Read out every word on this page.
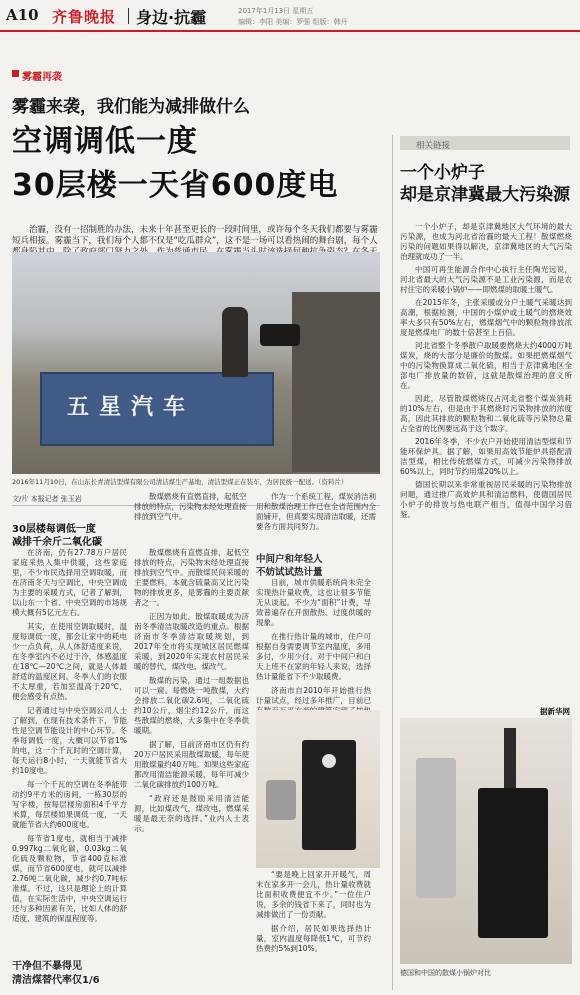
A10 齐鲁晚报 身边·抗霾	2017年1月13日 星期五
编辑：李阳 美编：罗强 组版：韩丹
雾霾再袭
雾霾来袭，我们能为减排做什么
空调调低一度
30层楼一天省600度电
治霾，没有一招制胜的办法，未来十年甚至更长的一段时间里，或许每个冬天我们都要与雾霾短兵相接。雾霾当下，我们每个人都不仅是“吃瓜群众”，这不是一场可以看热闹的舞台剧，每个人
五星汽车
2016年11月10日，在山东长青清洁型煤有限公司清洁煤生产基地，清洁型煤正在装车，为居民统一配送。（资料片）
文/片 本报记者 张玉岩
30层楼每调低一度
减排千余斤二氧化碳

在济南，仍有27.78万户居民家庭采热入集中供暖，这些家庭里，不少市民选择用空调取暖，而在济南冬天与空调比，中央空调成为主要的采暖方式，记者了解到，以山东一个省、中央空调的市场规模大概有5亿元左右。

其实，在使用空调取暖时，温度每调低一度，都会让家中的耗电少一点负荷，从人体舒适度来说，在冬季室内不必过于冷，体感温度在18℃—20℃之间，就是人体最舒适的温度区间。冬季人们的衣服不太厚重，若加室温高于20℃，便会感受有点热。

记者通过与中央空调公司人士了解到，在现有技术条件下，节能性是空调节能设计的中心环节。冬季每调低一度，大概可以节省1%的电，这一个千瓦时的空调计算，每天运行8小时，一天就能节省大约10度电。

每一个千瓦的空调在冬季能带动约9平方米的房间，一栋30层的写字楼，按每层楼房面积4千平方米算，每层楼如果调低一度，一天就能节省大约600度电。

每节省1度电，就相当于减排0.997kg二氧化碳，0.03kg二氧化硫及颗粒物，节省400克标准煤，而节省600度电，就可以减排2.76吨二氧化碳，减少约0.7吨标准煤。不过，这只是理论上的计算值，在实际生活中，中央空调运行还与多种因素有关，比如人体的舒适度、建筑的保温程度等。

散煤燃烧有直燃直排，起低空排放的特点，污染物未经处理直接排放到空气中。

散煤燃烧有直燃直排，起低空排放的特点，污染物未经处理直接排放到空气中。而散煤民间采暖的主要燃料，本就含硫量高又比污染物的排放更多，是雾霾的主要贡献者之一。

正因为如此，散煤取暖成为济南冬季清洁取暖改造的重点。根据济南市冬季清洁取暖规划，到2017年全市将实现城区居民燃煤采暖，到2020年实现农村居民采暖的替代，煤改电，煤改气。

散煤的污染，通过一组数据也可以一窥。每燃烧一吨散煤，大约会排放二氧化碳2.6吨，二氧化硫约10公斤，烟尘约12公斤，而这些散煤的燃烧，大多集中在冬季供暖期。

据了解，目前济南市区仍有约20万户居民采用散煤取暖，每年使用散煤量约40万吨。如果这些家庭都改用清洁能源采暖，每年可减少二氧化碳排放约100万吨。

“政府还是鼓励采用清洁能源，比如煤改气，煤改电，燃煤采暖是最无奈的选择。”业内人士表示。

作为一个系统工程，煤炭消洁利用和散煤治理工作已在全省范围内全面铺开，但真要实现清洁取暖，还需要各方面共同努力。

中间户和年轻人
不妨试试热计量

目前，城市供暖系统尚未完全实现热计量收费，这也让很多节能无从谈起。不少为“面积”计费，导致普遍存在开窗散热、过度供暖的现象。

在推行热计量的城市，住户可根据自身需要调节室内温度，多用多付，少用少付。对于中间户和白天上班不在家的年轻人来说，选择热计量能省下不少取暖费。

济南市自2010年开始推行热计量试点，经过多年推广，目前已

“要是晚上回家开开暖气，周末在家多开一会儿，热计量收费就比面积收费便宜不少。”一位住户说，多余的钱省下来了，同时也为减排做出了一份贡献。

据介绍，居民如果选择热计量，室内温度每降低1℃，可节约热费约5%到10%。

干净但不暴得见
清洁煤替代率仅1/6
相关链接
一个小炉子
却是京津冀最大污染源

一个小炉子，却是京津冀地区大气环境的最大污染源，也成为河北省治霾的最大工程！散煤燃烧污染的问题如果得以解决，京津冀地区的大气污染治理就成功了一半。

中国可再生能源合作中心执行主任陶光远说，河北省最大的大气污染源不是工业污染源，而是农村住宅的采暖小锅炉——即燃煤的取暖土暖气。

在2015年冬，主张采暖或分户土暖气采暖达到高潮，根据检测，中国的小煤炉或土暖气的燃烧效率大多只有50%左右，燃煤烟气中的颗粒物排放浓度是燃煤电厂的数十倍甚至上百倍。

河北省整个冬季散户取暖要燃烧大约4000万吨煤炭，烧的大部分是廉价的散煤。如果把燃煤烟气中的污染物换算成二氧化硫，相当于京津冀地区全部电厂排放量的数倍，这就是散煤治理的意义所在。

因此，尽管散煤燃烧仅占河北省整个煤炭消耗的10%左右，但是由于其燃烧时污染物排放的浓度高，因此其排放的颗粒物和二氧化硫等污染物总量占全省的比例要远高于这个数字。

2016年冬季，不少农户开始使用清洁型煤和节能环保炉具。据了解，如果用高效节能炉具搭配清洁型煤，相比传统燃煤方式，可减少污染物排放60%以上，同时节约用煤20%以上。

德国长期以来非常重视居民采暖的污染物排放问题，通过推广高效炉具和清洁燃料，使德国居民小炉子的排放与热电联产相当，值得中国学习借鉴。

据新华网
德国和中国的散煤小锅炉对比
